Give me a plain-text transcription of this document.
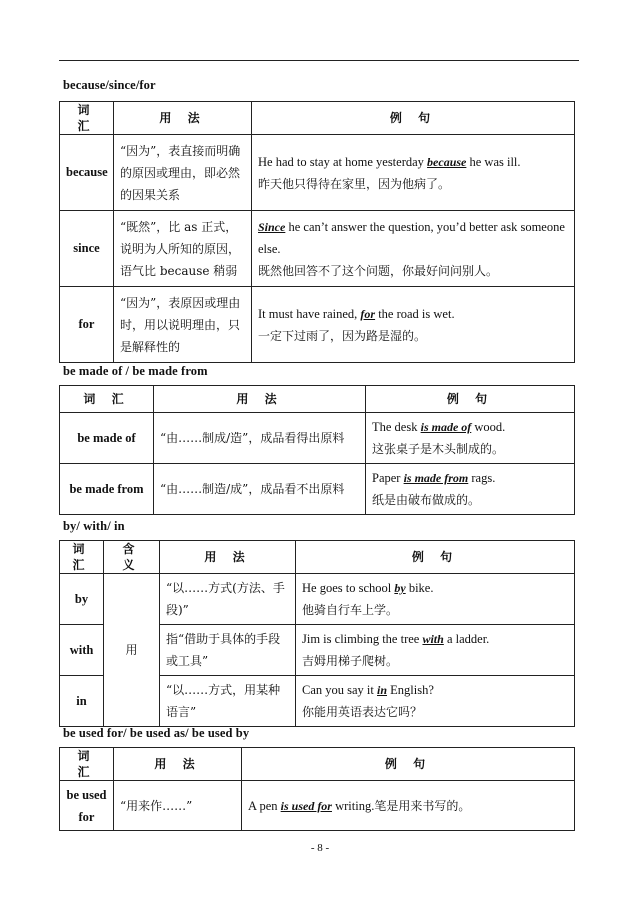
because/since/for
词 汇	用 法	例 句
because	“因为”，表直接而明确的原因或理由，即必然的因果关系	He had to stay at home yesterday because he was ill.
昨天他只得待在家里，因为他病了。

since	“既然”，比 as 正式，说明为人所知的原因，语气比 because 稍弱	Since he can’t answer the question, you’d better ask someone else.
既然他回答不了这个问题，你最好问问别人。

for	“因为”，表原因或理由时，用以说明理由，只是解释性的	It must have rained, for the road is wet.
一定下过雨了，因为路是湿的。
be made of / be made from
词 汇	用 法	例 句
be made of	“由……制成/造”，成品看得出原料	The desk is made of wood.
这张桌子是木头制成的。

be made from	“由……制造/成”，成品看不出原料	Paper is made from rags.
纸是由破布做成的。
by/ with/ in
词 汇	含 义	用 法	例 句
by	用	“以……方式(方法、手段)”	He goes to school by bike.
他骑自行车上学。

with		指“借助于具体的手段或工具”	Jim is climbing the tree with a ladder.
吉姆用梯子爬树。

in		“以……方式，用某种语言”	Can you say it in English?
你能用英语表达它吗？
be used for/ be used as/ be used by
词 汇	用 法	例 句
be used for	“用来作……”	A pen is used for writing.笔是用来书写的。
- 8 -
